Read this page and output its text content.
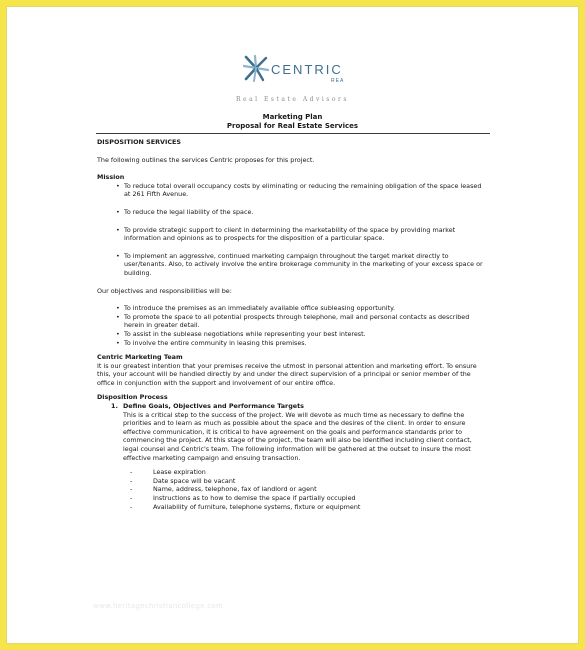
CENTRIC
REA
Real Estate Advisors
Marketing Plan
Proposal for Real Estate Services

DISPOSITION SERVICES

The following outlines the services Centric proposes for this project.

Mission

• To reduce total overall occupancy costs by eliminating or reducing the remaining obligation of the space leased at 261 Fifth Avenue.
• To reduce the legal liability of the space.
• To provide strategic support to client in determining the marketability of the space by providing market information and opinions as to prospects for the disposition of a particular space.
• To implement an aggressive, continued marketing campaign throughout the target market directly to user/tenants. Also, to actively involve the entire brokerage community in the marketing of your excess space or building.

Our objectives and responsibilities will be:

• To introduce the premises as an immediately available office subleasing opportunity.
• To promote the space to all potential prospects through telephone, mail and personal contacts as described herein in greater detail.
• To assist in the sublease negotiations while representing your best interest.
• To involve the entire community in leasing this premises.

Centric Marketing Team

It is our greatest intention that your premises receive the utmost in personal attention and marketing effort. To ensure this, your account will be handled directly by and under the direct supervision of a principal or senior member of the office in conjunction with the support and involvement of our entire office.

Disposition Process

1. Define Goals, Objectives and Performance Targets
This is a critical step to the success of the project. We will devote as much time as necessary to define the priorities and to learn as much as possible about the space and the desires of the client. In order to ensure effective communication, it is critical to have agreement on the goals and performance standards prior to commencing the project. At this stage of the project, the team will also be identified including client contact, legal counsel and Centric's team. The following information will be gathered at the outset to insure the most effective marketing campaign and ensuing transaction.
- Lease expiration
- Date space will be vacant
- Name, address, telephone, fax of landlord or agent
- Instructions as to how to demise the space if partially occupied
- Availability of furniture, telephone systems, fixture or equipment
www.heritagechristiancollege.com
